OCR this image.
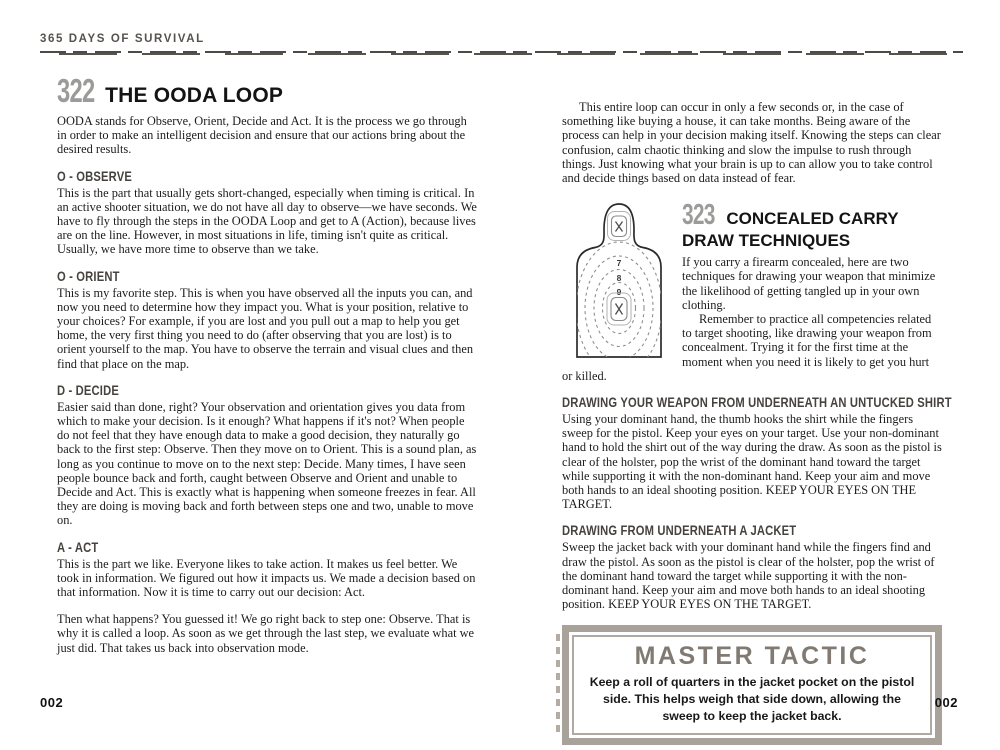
365 DAYS OF SURVIVAL
322 THE OODA LOOP

OODA stands for Observe, Orient, Decide and Act. It is the process we go through in order to make an intelligent decision and ensure that our actions bring about the desired results.

O - OBSERVE

This is the part that usually gets short-changed, especially when timing is critical. In an active shooter situation, we do not have all day to observe—we have seconds. We have to fly through the steps in the OODA Loop and get to A (Action), because lives are on the line. However, in most situations in life, timing isn't quite as critical. Usually, we have more time to observe than we take.

O - ORIENT

This is my favorite step. This is when you have observed all the inputs you can, and now you need to determine how they impact you. What is your position, relative to your choices? For example, if you are lost and you pull out a map to help you get home, the very first thing you need to do (after observing that you are lost) is to orient yourself to the map. You have to observe the terrain and visual clues and then find that place on the map.

D - DECIDE

Easier said than done, right? Your observation and orientation gives you data from which to make your decision. Is it enough? What happens if it's not? When people do not feel that they have enough data to make a good decision, they naturally go back to the first step: Observe. Then they move on to Orient. This is a sound plan, as long as you continue to move on to the next step: Decide. Many times, I have seen people bounce back and forth, caught between Observe and Orient and unable to Decide and Act. This is exactly what is happening when someone freezes in fear. All they are doing is moving back and forth between steps one and two, unable to move on.

A - ACT

This is the part we like. Everyone likes to take action. It makes us feel better. We took in information. We figured out how it impacts us. We made a decision based on that information. Now it is time to carry out our decision: Act.

Then what happens? You guessed it! We go right back to step one: Observe. That is why it is called a loop. As soon as we get through the last step, we evaluate what we just did. That takes us back into observation mode.

This entire loop can occur in only a few seconds or, in the case of something like buying a house, it can take months. Being aware of the process can help in your decision making itself. Knowing the steps can clear confusion, calm chaotic thinking and slow the impulse to rush through things. Just knowing what your brain is up to can allow you to take control and decide things based on data instead of fear.

7
8
9
323 CONCEALED CARRY
DRAW TECHNIQUES

If you carry a firearm concealed, here are two techniques for drawing your weapon that minimize the likelihood of getting tangled up in your own clothing.

Remember to practice all competencies related to target shooting, like drawing your weapon from concealment. Trying it for the first time at the moment when you need it is likely to get you hurt or killed.

DRAWING YOUR WEAPON FROM UNDERNEATH AN UNTUCKED SHIRT

Using your dominant hand, the thumb hooks the shirt while the fingers sweep for the pistol. Keep your eyes on your target. Use your non-dominant hand to hold the shirt out of the way during the draw. As soon as the pistol is clear of the holster, pop the wrist of the dominant hand toward the target while supporting it with the non-dominant hand. Keep your aim and move both hands to an ideal shooting position. KEEP YOUR EYES ON THE TARGET.

DRAWING FROM UNDERNEATH A JACKET

Sweep the jacket back with your dominant hand while the fingers find and draw the pistol. As soon as the pistol is clear of the holster, pop the wrist of the dominant hand toward the target while supporting it with the non-dominant hand. Keep your aim and move both hands to an ideal shooting position. KEEP YOUR EYES ON THE TARGET.

MASTER TACTIC

Keep a roll of quarters in the jacket pocket on the pistol side. This helps weigh that side down, allowing the sweep to keep the jacket back.

002	002
